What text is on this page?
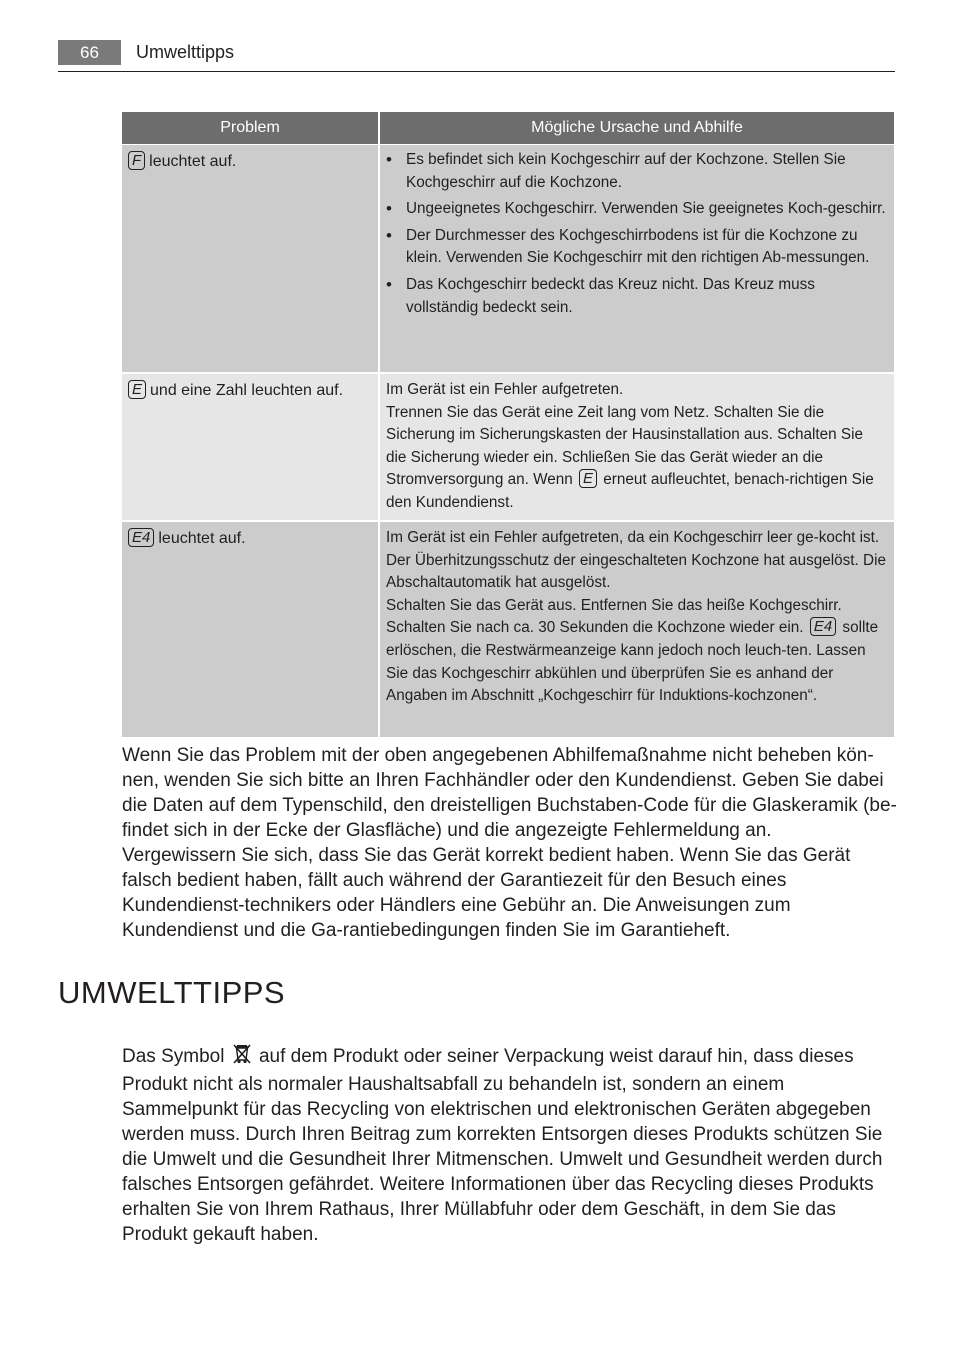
66	Umwelttipps
Problem	Mögliche Ursache und Abhilfe
F leuchtet auf.
•	Es befindet sich kein Kochgeschirr auf der Kochzone. Stellen Sie Kochgeschirr auf die Kochzone.
• Ungeeignetes Kochgeschirr. Verwenden Sie geeignetes Koch-geschirr.
• Der Durchmesser des Kochgeschirrbodens ist für die Kochzone zu klein. Verwenden Sie Kochgeschirr mit den richtigen Ab-messungen.
• Das Kochgeschirr bedeckt das Kreuz nicht. Das Kreuz muss vollständig bedeckt sein.
E und eine Zahl leuchten auf.	Im Gerät ist ein Fehler aufgetreten.
Trennen Sie das Gerät eine Zeit lang vom Netz. Schalten Sie die Sicherung im Sicherungskasten der Hausinstallation aus. Schalten Sie die Sicherung wieder ein. Schließen Sie das Gerät wieder an die Stromversorgung an. Wenn E erneut aufleuchtet, benach-richtigen Sie den Kundendienst.
E4 leuchtet auf.	Im Gerät ist ein Fehler aufgetreten, da ein Kochgeschirr leer ge-kocht ist. Der Überhitzungsschutz der eingeschalteten Kochzone hat ausgelöst. Die Abschaltautomatik hat ausgelöst.
Schalten Sie das Gerät aus. Entfernen Sie das heiße Kochgeschirr. Schalten Sie nach ca. 30 Sekunden die Kochzone wieder ein. E4 sollte erlöschen, die Restwärmeanzeige kann jedoch noch leuch-ten. Lassen Sie das Kochgeschirr abkühlen und überprüfen Sie es anhand der Angaben im Abschnitt „Kochgeschirr für Induktions-kochzonen“.

Wenn Sie das Problem mit der oben angegebenen Abhilfemaßnahme nicht beheben kön-nen, wenden Sie sich bitte an Ihren Fachhändler oder den Kundendienst. Geben Sie dabei die Daten auf dem Typenschild, den dreistelligen Buchstaben-Code für die Glaskeramik (be-findet sich in der Ecke der Glasfläche) und die angezeigte Fehlermeldung an.

Vergewissern Sie sich, dass Sie das Gerät korrekt bedient haben. Wenn Sie das Gerät falsch bedient haben, fällt auch während der Garantiezeit für den Besuch eines Kundendienst-technikers oder Händlers eine Gebühr an. Die Anweisungen zum Kundendienst und die Ga-rantiebedingungen finden Sie im Garantieheft.

UMWELTTIPPS

Das Symbol auf dem Produkt oder seiner Verpackung weist darauf hin, dass dieses Produkt nicht als normaler Haushaltsabfall zu behandeln ist, sondern an einem Sammelpunkt für das Recycling von elektrischen und elektronischen Geräten abgegeben werden muss. Durch Ihren Beitrag zum korrekten Entsorgen dieses Produkts schützen Sie die Umwelt und die Gesundheit Ihrer Mitmenschen. Umwelt und Gesundheit werden durch falsches Entsorgen gefährdet. Weitere Informationen über das Recycling dieses Produkts erhalten Sie von Ihrem Rathaus, Ihrer Müllabfuhr oder dem Geschäft, in dem Sie das Produkt gekauft haben.
